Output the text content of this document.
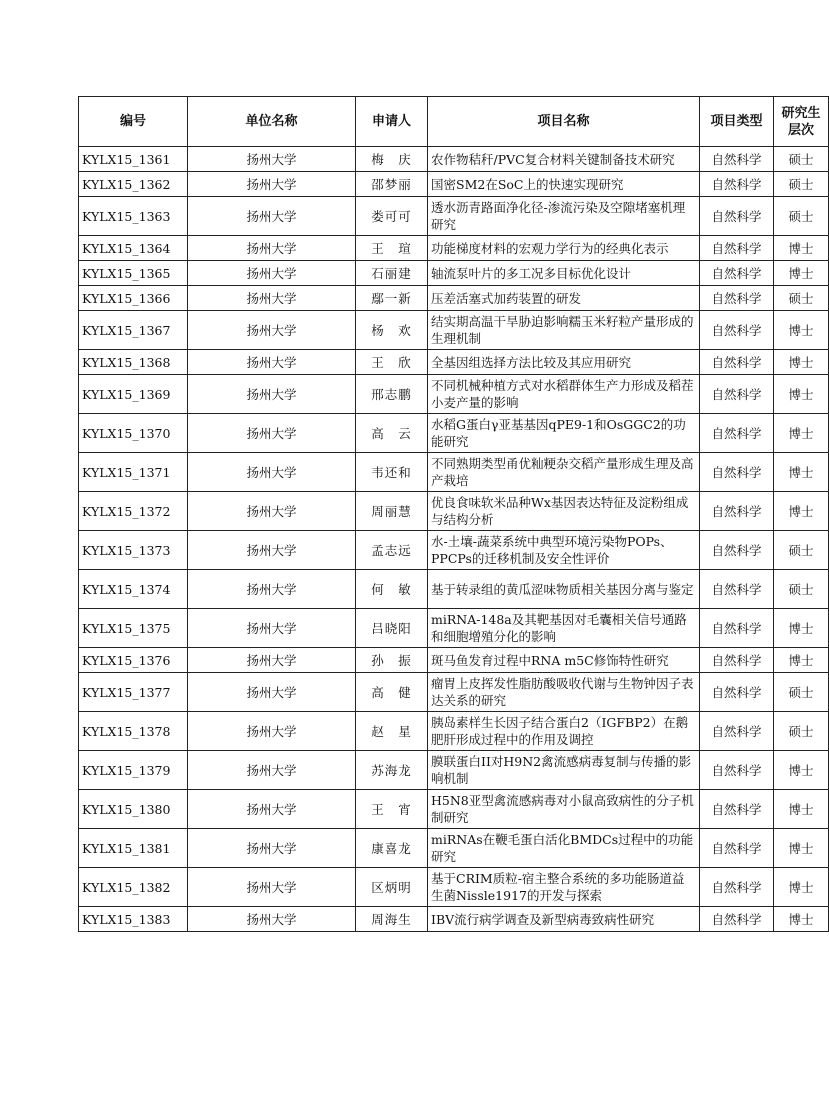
编号	单位名称	申请人	项目名称	项目类型	研究生
层次

KYLX15_1361	扬州大学	梅　庆	农作物秸秆/PVC复合材料关键制备技术研究	自然科学	硕士
KYLX15_1362	扬州大学	邵梦丽	国密SM2在SoC上的快速实现研究	自然科学	硕士
KYLX15_1363	扬州大学	娄可可	透水沥青路面净化径-渗流污染及空隙堵塞机理研究	自然科学	硕士
KYLX15_1364	扬州大学	王　瑄	功能梯度材料的宏观力学行为的经典化表示	自然科学	博士
KYLX15_1365	扬州大学	石丽建	轴流泵叶片的多工况多目标优化设计	自然科学	博士
KYLX15_1366	扬州大学	鄢一新	压差活塞式加药装置的研发	自然科学	硕士
KYLX15_1367	扬州大学	杨　欢	结实期高温干旱胁迫影响糯玉米籽粒产量形成的生理机制	自然科学	博士
KYLX15_1368	扬州大学	王　欣	全基因组选择方法比较及其应用研究	自然科学	博士
KYLX15_1369	扬州大学	邢志鹏	不同机械种植方式对水稻群体生产力形成及稻茬小麦产量的影响	自然科学	博士
KYLX15_1370	扬州大学	高　云	水稻G蛋白γ亚基基因qPE9-1和OsGGC2的功能研究	自然科学	博士
KYLX15_1371	扬州大学	韦还和	不同熟期类型甬优籼粳杂交稻产量形成生理及高产栽培	自然科学	博士
KYLX15_1372	扬州大学	周丽慧	优良食味软米品种Wx基因表达特征及淀粉组成与结构分析	自然科学	博士
KYLX15_1373	扬州大学	孟志远	水-土壤-蔬菜系统中典型环境污染物POPs、PPCPs的迁移机制及安全性评价	自然科学	硕士
KYLX15_1374	扬州大学	何　敏	基于转录组的黄瓜涩味物质相关基因分离与鉴定	自然科学	硕士
KYLX15_1375	扬州大学	吕晓阳	miRNA-148a及其靶基因对毛囊相关信号通路和细胞增殖分化的影响	自然科学	博士
KYLX15_1376	扬州大学	孙　振	斑马鱼发育过程中RNA m5C修饰特性研究	自然科学	博士
KYLX15_1377	扬州大学	高　健	瘤胃上皮挥发性脂肪酸吸收代谢与生物钟因子表达关系的研究	自然科学	硕士
KYLX15_1378	扬州大学	赵　星	胰岛素样生长因子结合蛋白2（IGFBP2）在鹅肥肝形成过程中的作用及调控	自然科学	硕士
KYLX15_1379	扬州大学	苏海龙	膜联蛋白II对H9N2禽流感病毒复制与传播的影响机制	自然科学	博士
KYLX15_1380	扬州大学	王　宵	H5N8亚型禽流感病毒对小鼠高致病性的分子机制研究	自然科学	博士
KYLX15_1381	扬州大学	康喜龙	miRNAs在鞭毛蛋白活化BMDCs过程中的功能研究	自然科学	博士
KYLX15_1382	扬州大学	区炳明	基于CRIM质粒-宿主整合系统的多功能肠道益生菌Nissle1917的开发与探索	自然科学	博士
KYLX15_1383	扬州大学	周海生	IBV流行病学调查及新型病毒致病性研究	自然科学	博士
